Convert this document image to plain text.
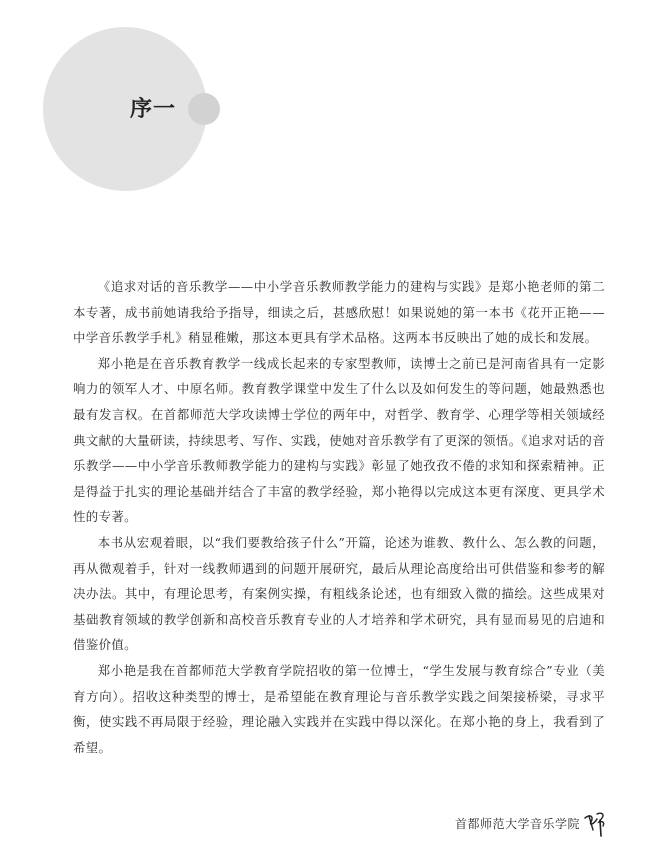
序一

《追求对话的音乐教学——中小学音乐教师教学能力的建构与实践》是郑小艳老师的第二本专著，成书前她请我给予指导，细读之后，甚感欣慰！如果说她的第一本书《花开正艳——中学音乐教学手札》稍显稚嫩，那这本更具有学术品格。这两本书反映出了她的成长和发展。

郑小艳是在音乐教育教学一线成长起来的专家型教师，读博士之前已是河南省具有一定影响力的领军人才、中原名师。教育教学课堂中发生了什么以及如何发生的等问题，她最熟悉也最有发言权。在首都师范大学攻读博士学位的两年中，对哲学、教育学、心理学等相关领域经典文献的大量研读，持续思考、写作、实践，使她对音乐教学有了更深的领悟。《追求对话的音乐教学——中小学音乐教师教学能力的建构与实践》彰显了她孜孜不倦的求知和探索精神。正是得益于扎实的理论基础并结合了丰富的教学经验，郑小艳得以完成这本更有深度、更具学术性的专著。

本书从宏观着眼，以“我们要教给孩子什么”开篇，论述为谁教、教什么、怎么教的问题，再从微观着手，针对一线教师遇到的问题开展研究，最后从理论高度给出可供借鉴和参考的解决办法。其中，有理论思考，有案例实操，有粗线条论述，也有细致入微的描绘。这些成果对基础教育领域的教学创新和高校音乐教育专业的人才培养和学术研究，具有显而易见的启迪和借鉴价值。

郑小艳是我在首都师范大学教育学院招收的第一位博士，“学生发展与教育综合”专业（美育方向）。招收这种类型的博士，是希望能在教育理论与音乐教学实践之间架接桥梁，寻求平衡，使实践不再局限于经验，理论融入实践并在实践中得以深化。在郑小艳的身上，我看到了希望。

首都师范大学音乐学院
